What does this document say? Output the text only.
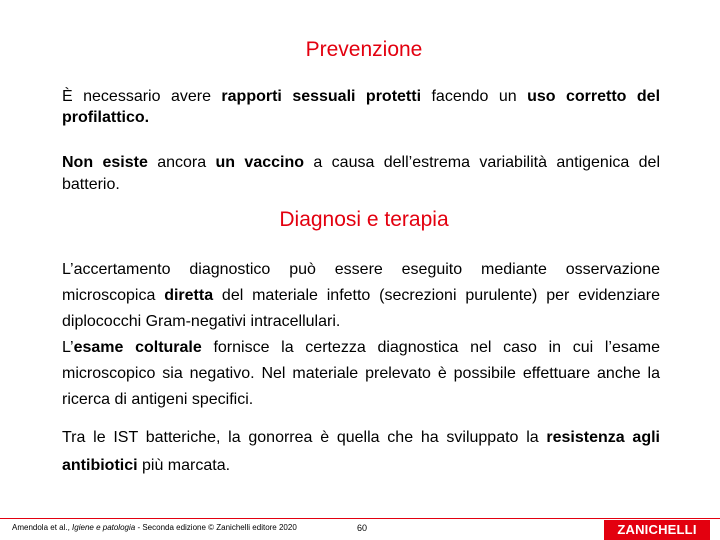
Prevenzione
È necessario avere rapporti sessuali protetti facendo un uso corretto del profilattico.
Non esiste ancora un vaccino a causa dell’estrema variabilità antigenica del batterio.
Diagnosi e terapia
L’accertamento diagnostico può essere eseguito mediante osservazione microscopica diretta del materiale infetto (secrezioni purulente) per evidenziare diplococchi Gram-negativi intracellulari.
L’esame colturale fornisce la certezza diagnostica nel caso in cui l’esame microscopico sia negativo. Nel materiale prelevato è possibile effettuare anche la ricerca di antigeni specifici.
Tra le IST batteriche, la gonorrea è quella che ha sviluppato la resistenza agli antibiotici più marcata.
Amendola et al., Igiene e patologia - Seconda edizione © Zanichelli editore 2020	60	ZANICHELLI
